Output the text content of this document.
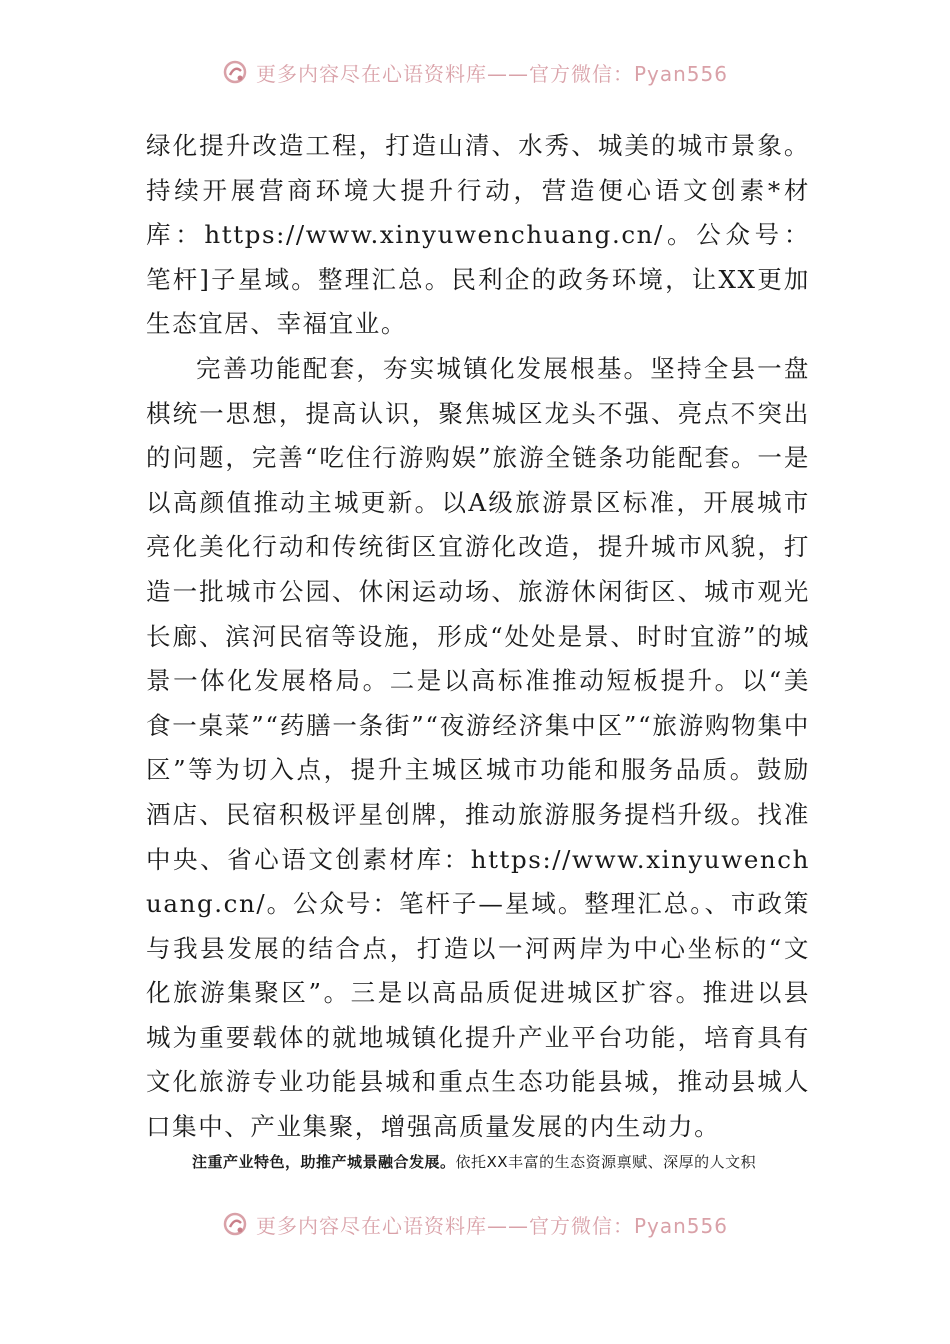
更多内容尽在心语资料库——官方微信：Pyan556

绿化提升改造工程，打造山清、水秀、城美的城市景象。持续开展营商环境大提升行动，营造便心语文创素*材库：https://www.xinyuwenchuang.cn/。公众号：笔杆]子星域。整理汇总。民利企的政务环境，让XX更加生态宜居、幸福宜业。

完善功能配套，夯实城镇化发展根基。坚持全县一盘棋统一思想，提高认识，聚焦城区龙头不强、亮点不突出的问题，完善“吃住行游购娱”旅游全链条功能配套。一是以高颜值推动主城更新。以A级旅游景区标准，开展城市亮化美化行动和传统街区宜游化改造，提升城市风貌，打造一批城市公园、休闲运动场、旅游休闲街区、城市观光长廊、滨河民宿等设施，形成“处处是景、时时宜游”的城景一体化发展格局。二是以高标准推动短板提升。以“美食一桌菜”“药膳一条街”“夜游经济集中区”“旅游购物集中区”等为切入点，提升主城区城市功能和服务品质。鼓励酒店、民宿积极评星创牌，推动旅游服务提档升级。找准中央、省心语文创素材库：https://www.xinyuwenchuang.cn/。公众号：笔杆子—星域。整理汇总。、市政策与我县发展的结合点，打造以一河两岸为中心坐标的“文化旅游集聚区”。三是以高品质促进城区扩容。推进以县城为重要载体的就地城镇化提升产业平台功能，培育具有文化旅游专业功能县城和重点生态功能县城，推动县城人口集中、产业集聚，增强高质量发展的内生动力。

注重产业特色，助推产城景融合发展。依托XX丰富的生态资源禀赋、深厚的人文积
更多内容尽在心语资料库——官方微信：Pyan556
